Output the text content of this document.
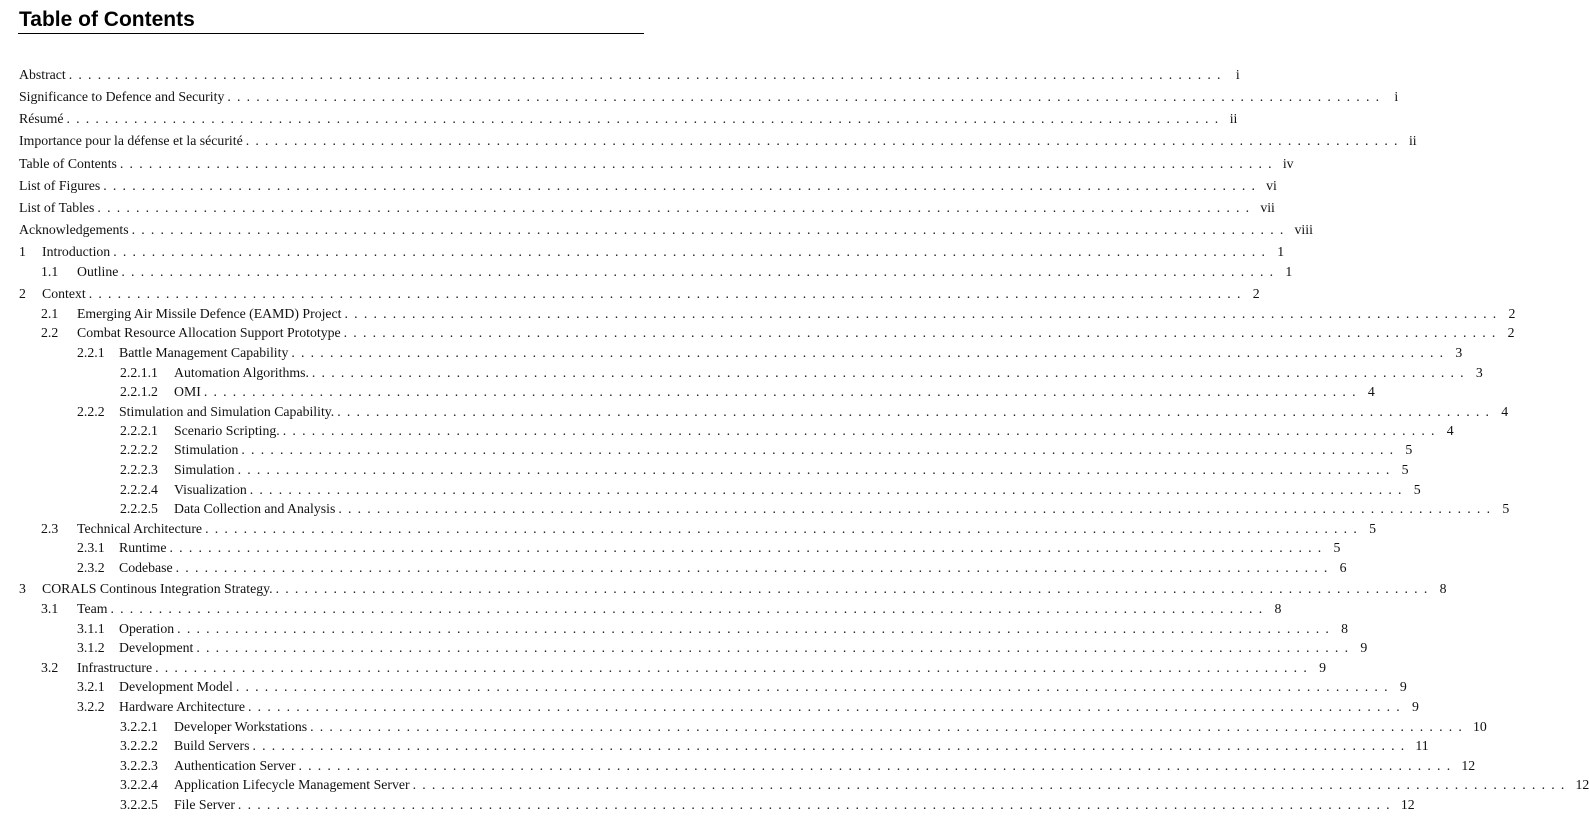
Table of Contents
Abstract ........................................................................................................................ i
Significance to Defence and Security ........................................................................................................................ i
Résumé ........................................................................................................................ ii
Importance pour la défense et la sécurité ........................................................................................................................ ii
Table of Contents ........................................................................................................................ iv
List of Figures ........................................................................................................................ vi
List of Tables ........................................................................................................................ vii
Acknowledgements ........................................................................................................................ viii
1	Introduction ........................................................................................................................ 1
1.1	Outline ........................................................................................................................ 1
2	Context ........................................................................................................................ 2
2.1	Emerging Air Missile Defence (EAMD) Project ........................................................................................................................ 2
2.2	Combat Resource Allocation Support Prototype ........................................................................................................................ 2
2.2.1	Battle Management Capability ........................................................................................................................ 3
2.2.1.1	Automation Algorithms. ........................................................................................................................ 3
2.2.1.2	OMI ........................................................................................................................ 4
2.2.2	Stimulation and Simulation Capability. ........................................................................................................................ 4
2.2.2.1	Scenario Scripting. ........................................................................................................................ 4
2.2.2.2	Stimulation ........................................................................................................................ 5
2.2.2.3	Simulation ........................................................................................................................ 5
2.2.2.4	Visualization ........................................................................................................................ 5
2.2.2.5	Data Collection and Analysis ........................................................................................................................ 5
2.3	Technical Architecture ........................................................................................................................ 5
2.3.1	Runtime ........................................................................................................................ 5
2.3.2	Codebase ........................................................................................................................ 6
3	CORALS Continous Integration Strategy. ........................................................................................................................ 8
3.1	Team ........................................................................................................................ 8
3.1.1	Operation ........................................................................................................................ 8
3.1.2	Development ........................................................................................................................ 9
3.2	Infrastructure ........................................................................................................................ 9
3.2.1	Development Model ........................................................................................................................ 9
3.2.2	Hardware Architecture ........................................................................................................................ 9
3.2.2.1	Developer Workstations ........................................................................................................................ 10
3.2.2.2	Build Servers ........................................................................................................................ 11
3.2.2.3	Authentication Server ........................................................................................................................ 12
3.2.2.4	Application Lifecycle Management Server ........................................................................................................................ 12
3.2.2.5	File Server ........................................................................................................................ 12
